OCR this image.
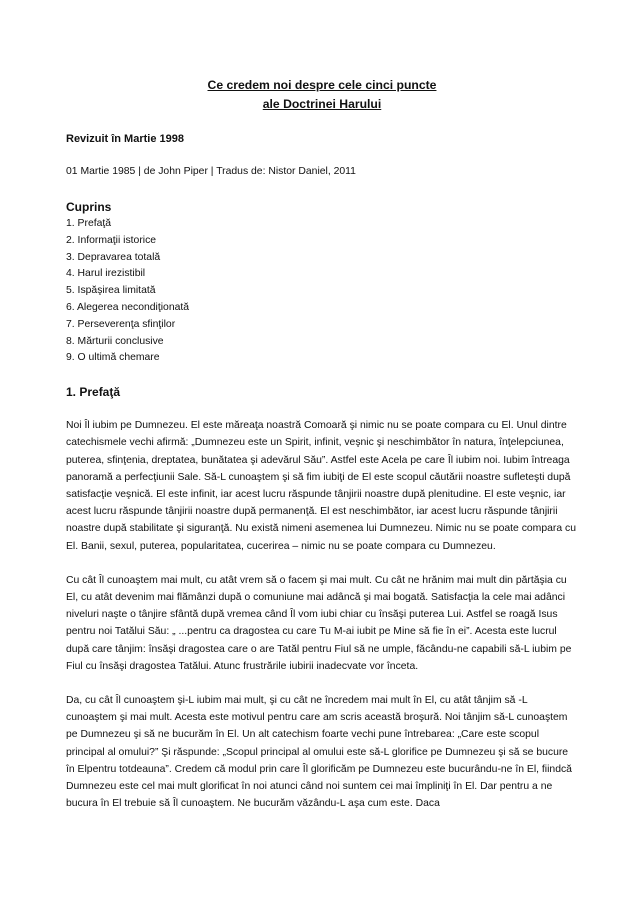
Ce credem noi despre cele cinci puncte
ale Doctrinei Harului
Revizuit în Martie 1998
01 Martie 1985 | de John Piper | Tradus de: Nistor Daniel, 2011
Cuprins
1. Prefaţă
2. Informaţii istorice
3. Depravarea totală
4. Harul irezistibil
5. Ispăşirea limitată
6. Alegerea necondiţionată
7. Perseverenţa sfinţilor
8. Mărturii conclusive
9. O ultimă chemare
1. Prefaţă

Noi Îl iubim pe Dumnezeu. El este măreaţa noastră Comoară şi nimic nu se poate compara cu El. Unul dintre catechismele vechi afirmă: „Dumnezeu este un Spirit, infinit, veşnic şi neschimbător în natura, înţelepciunea, puterea, sfinţenia, dreptatea, bunătatea şi adevărul Său”. Astfel este Acela pe care Îl iubim noi. Iubim întreaga panoramă a perfecţiunii Sale. Să-L cunoaştem şi să fim iubiţi de El este scopul căutării noastre sufleteşti după satisfacţie veşnică. El este infinit, iar acest lucru răspunde tânjirii noastre după plenitudine. El este veşnic, iar acest lucru răspunde tânjirii noastre după permanenţă. El est neschimbător, iar acest lucru răspunde tânjirii noastre după stabilitate şi siguranţă. Nu există nimeni asemenea lui Dumnezeu. Nimic nu se poate compara cu El. Banii, sexul, puterea, popularitatea, cucerirea – nimic nu se poate compara cu Dumnezeu.

Cu cât Îl cunoaştem mai mult, cu atât vrem să o facem şi mai mult. Cu cât ne hrănim mai mult din părtăşia cu El, cu atât devenim mai flămânzi după o comuniune mai adâncă şi mai bogată. Satisfacţia la cele mai adânci niveluri naşte o tânjire sfântă după vremea când Îl vom iubi chiar cu însăşi puterea Lui. Astfel se roagă Isus pentru noi Tatălui Său: „ ...pentru ca dragostea cu care Tu M-ai iubit pe Mine să fie în ei”. Acesta este lucrul după care tânjim: însăşi dragostea care o are Tatăl pentru Fiul să ne umple, făcându-ne capabili să-L iubim pe Fiul cu însăşi dragostea Tatălui. Atunc frustrările iubirii inadecvate vor înceta.

Da, cu cât Îl cunoaştem şi-L iubim mai mult, şi cu cât ne încredem mai mult în El, cu atât tânjim să -L cunoaştem şi mai mult. Acesta este motivul pentru care am scris această broşură. Noi tânjim să-L cunoaştem pe Dumnezeu şi să ne bucurăm în El. Un alt catechism foarte vechi pune întrebarea: „Care este scopul principal al omului?” Şi răspunde: „Scopul principal al omului este să-L glorifice pe Dumnezeu şi să se bucure în Elpentru totdeauna”. Credem că modul prin care Îl glorificăm pe Dumnezeu este bucurându-ne în El, fiindcă Dumnezeu este cel mai mult glorificat în noi atunci când noi suntem cei mai împliniţi în El. Dar pentru a ne bucura în El trebuie să Îl cunoaştem. Ne bucurăm văzându-L aşa cum este. Daca
